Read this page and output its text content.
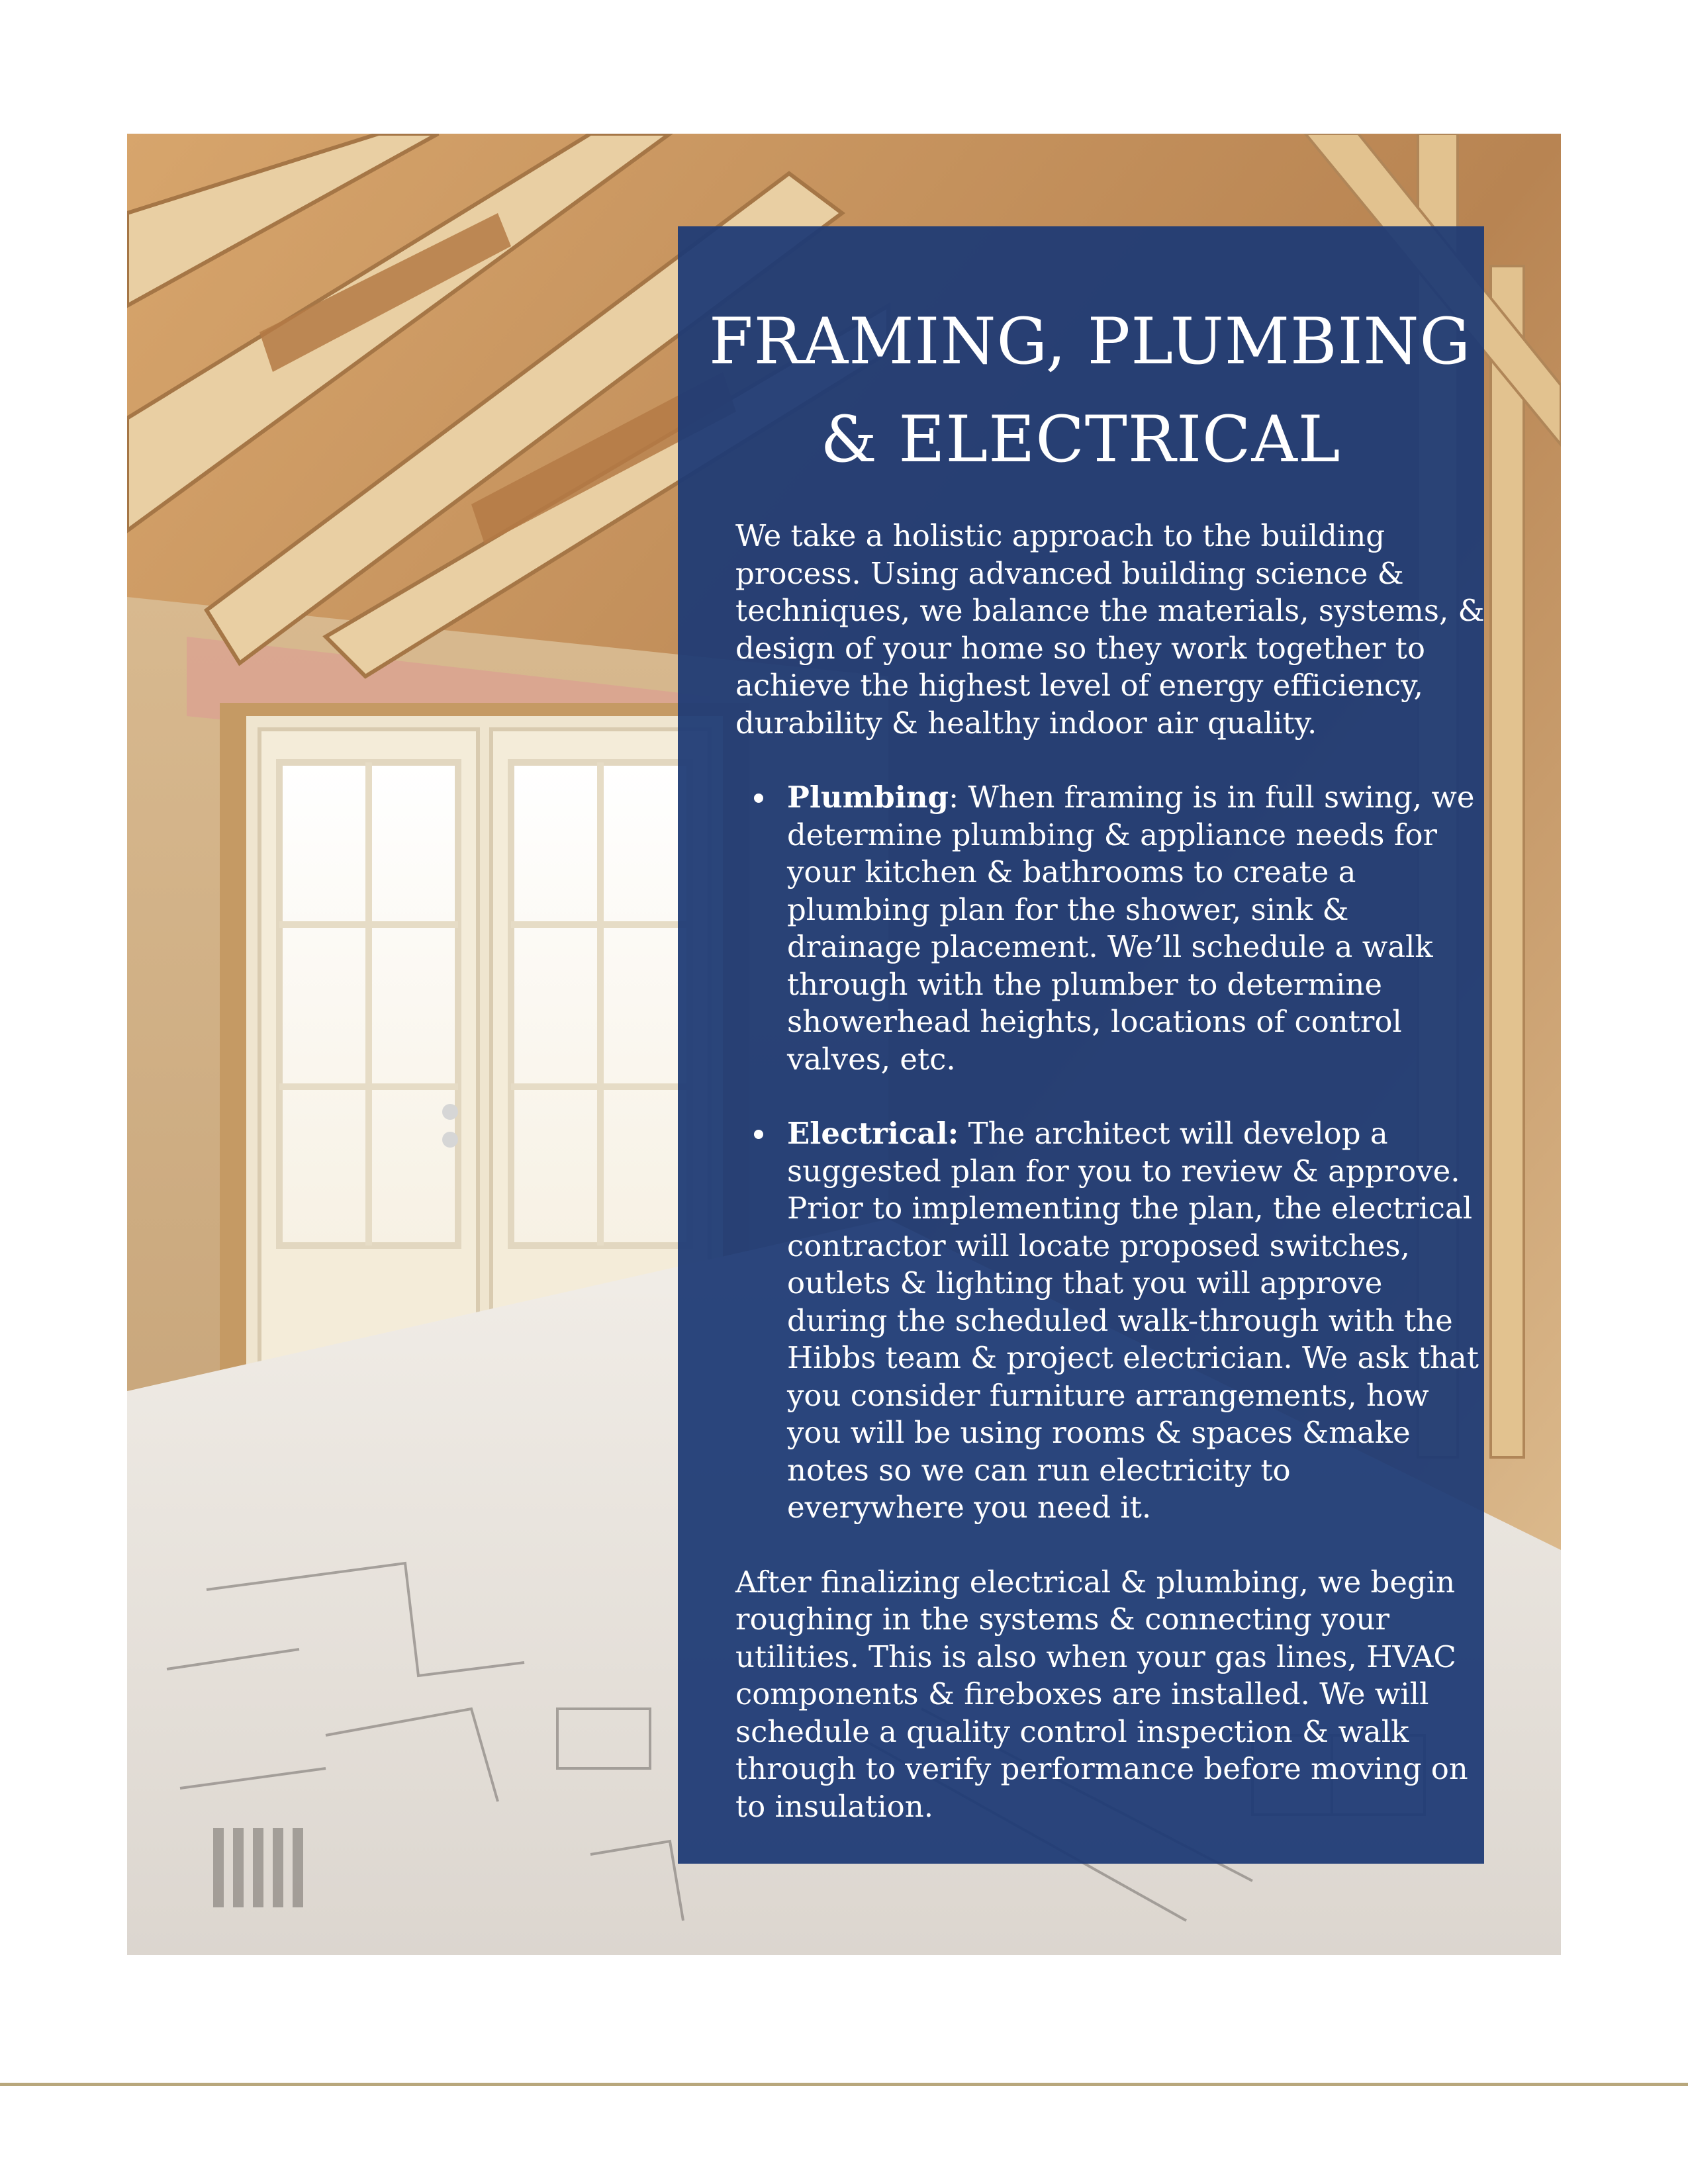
FRAMING, PLUMBING
& ELECTRICAL
We take a holistic approach to the building
process. Using advanced building science &
techniques, we balance the materials, systems, &
design of your home so they work together to
achieve the highest level of energy efficiency,
durability & healthy indoor air quality.
Plumbing: When framing is in full swing, we
determine plumbing & appliance needs for
your kitchen & bathrooms to create a
plumbing plan for the shower, sink &
drainage placement. We’ll schedule a walk
through with the plumber to determine
showerhead heights, locations of control
valves, etc.
Electrical: The architect will develop a
suggested plan for you to review & approve.
Prior to implementing the plan, the electrical
contractor will locate proposed switches,
outlets & lighting that you will approve
during the scheduled walk-through with the
Hibbs team & project electrician. We ask that
you consider furniture arrangements, how
you will be using rooms & spaces &make
notes so we can run electricity to
everywhere you need it.
After finalizing electrical & plumbing, we begin
roughing in the systems & connecting your
utilities. This is also when your gas lines, HVAC
components & fireboxes are installed. We will
schedule a quality control inspection & walk
through to verify performance before moving on
to insulation.
